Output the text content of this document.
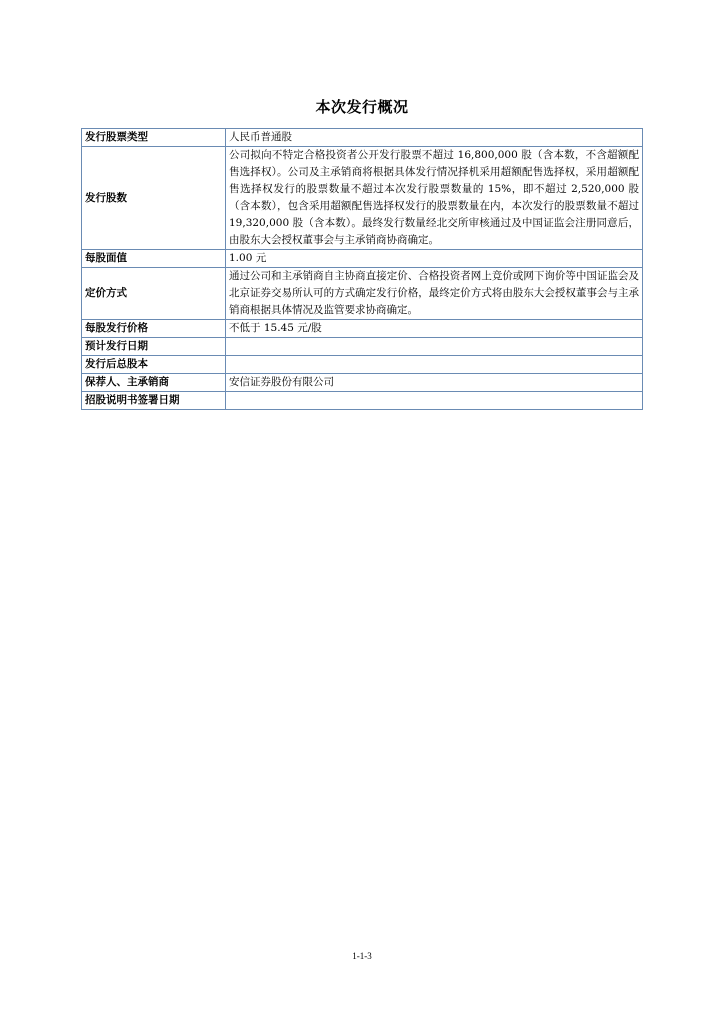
本次发行概况
发行股票类型	人民币普通股
发行股数	公司拟向不特定合格投资者公开发行股票不超过 16,800,000 股（含本数，不含超额配售选择权）。公司及主承销商将根据具体发行情况择机采用超额配售选择权，采用超额配售选择权发行的股票数量不超过本次发行股票数量的 15%，即不超过 2,520,000 股（含本数），包含采用超额配售选择权发行的股票数量在内，本次发行的股票数量不超过 19,320,000 股（含本数）。最终发行数量经北交所审核通过及中国证监会注册同意后，由股东大会授权董事会与主承销商协商确定。
每股面值	1.00 元
定价方式	通过公司和主承销商自主协商直接定价、合格投资者网上竞价或网下询价等中国证监会及北京证券交易所认可的方式确定发行价格，最终定价方式将由股东大会授权董事会与主承销商根据具体情况及监管要求协商确定。
每股发行价格	不低于 15.45 元/股
预计发行日期	
发行后总股本	
保荐人、主承销商	安信证券股份有限公司
招股说明书签署日期	
1-1-3
